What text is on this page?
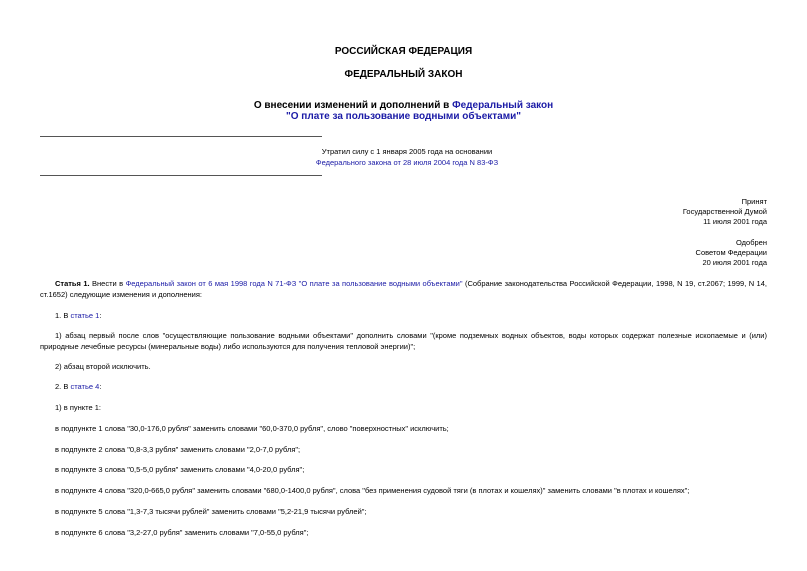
РОССИЙСКАЯ ФЕДЕРАЦИЯ

ФЕДЕРАЛЬНЫЙ ЗАКОН

О внесении изменений и дополнений в Федеральный закон

"О плате за пользование водными объектами"

Утратил силу с 1 января 2005 года на основании

Федерального закона от 28 июля 2004 года N 83-ФЗ

Принят

Государственной Думой

11 июля 2001 года

Одобрен

Советом Федерации

20 июля 2001 года

Статья 1. Внести в Федеральный закон от 6 мая 1998 года N 71-ФЗ "О плате за пользование водными объектами" (Собрание законодательства Российской Федерации, 1998, N 19, ст.2067; 1999, N 14, ст.1652) следующие изменения и дополнения:

1. В статье 1:

1) абзац первый после слов "осуществляющие пользование водными объектами" дополнить словами "(кроме подземных водных объектов, воды которых содержат полезные ископаемые и (или) природные лечебные ресурсы (минеральные воды) либо используются для получения тепловой энергии)";

2) абзац второй исключить.

2. В статье 4:

1) в пункте 1:

в подпункте 1 слова "30,0-176,0 рубля" заменить словами "60,0-370,0 рубля", слово "поверхностных" исключить;

в подпункте 2 слова "0,8-3,3 рубля" заменить словами "2,0-7,0 рубля";

в подпункте 3 слова "0,5-5,0 рубля" заменить словами "4,0-20,0 рубля";

в подпункте 4 слова "320,0-665,0 рубля" заменить словами "680,0-1400,0 рубля", слова "без применения судовой тяги (в плотах и кошелях)" заменить словами "в плотах и кошелях";

в подпункте 5 слова "1,3-7,3 тысячи рублей" заменить словами "5,2-21,9 тысячи рублей";

в подпункте 6 слова "3,2-27,0 рубля" заменить словами "7,0-55,0 рубля";
